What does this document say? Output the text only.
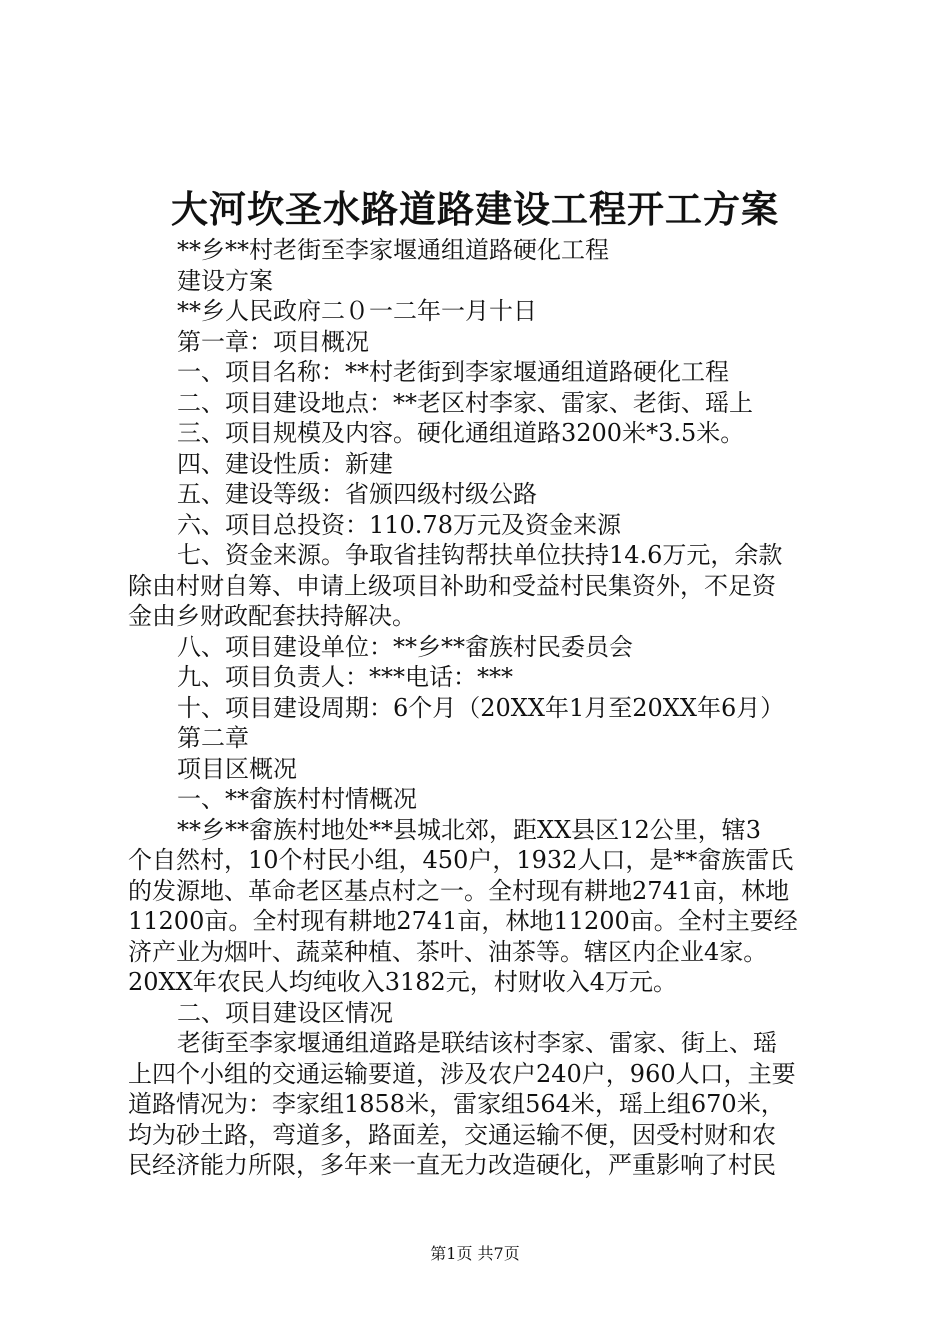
大河坎圣水路道路建设工程开工方案
**乡**村老街至李家堰通组道路硬化工程
建设方案
**乡人民政府二０一二年一月十日
第一章：项目概况
一、项目名称：**村老街到李家堰通组道路硬化工程
二、项目建设地点：**老区村李家、雷家、老街、瑶上
三、项目规模及内容。硬化通组道路3200米*3.5米。
四、建设性质：新建
五、建设等级：省颁四级村级公路
六、项目总投资：110.78万元及资金来源
七、资金来源。争取省挂钩帮扶单位扶持14.6万元，余款
除由村财自筹、申请上级项目补助和受益村民集资外，不足资
金由乡财政配套扶持解决。
八、项目建设单位：**乡**畲族村民委员会
九、项目负责人：***电话：***
十、项目建设周期：6个月（20XX年1月至20XX年6月）
第二章
项目区概况
一、**畲族村村情概况
**乡**畲族村地处**县城北郊，距XX县区12公里，辖3
个自然村，10个村民小组，450户，1932人口，是**畲族雷氏
的发源地、革命老区基点村之一。全村现有耕地2741亩，林地
11200亩。全村现有耕地2741亩，林地11200亩。全村主要经
济产业为烟叶、蔬菜种植、茶叶、油茶等。辖区内企业4家。
20XX年农民人均纯收入3182元，村财收入4万元。
二、项目建设区情况
老街至李家堰通组道路是联结该村李家、雷家、街上、瑶
上四个小组的交通运输要道，涉及农户240户，960人口，主要
道路情况为：李家组1858米，雷家组564米，瑶上组670米，
均为砂土路，弯道多，路面差，交通运输不便，因受村财和农
民经济能力所限，多年来一直无力改造硬化，严重影响了村民
第1页 共7页
